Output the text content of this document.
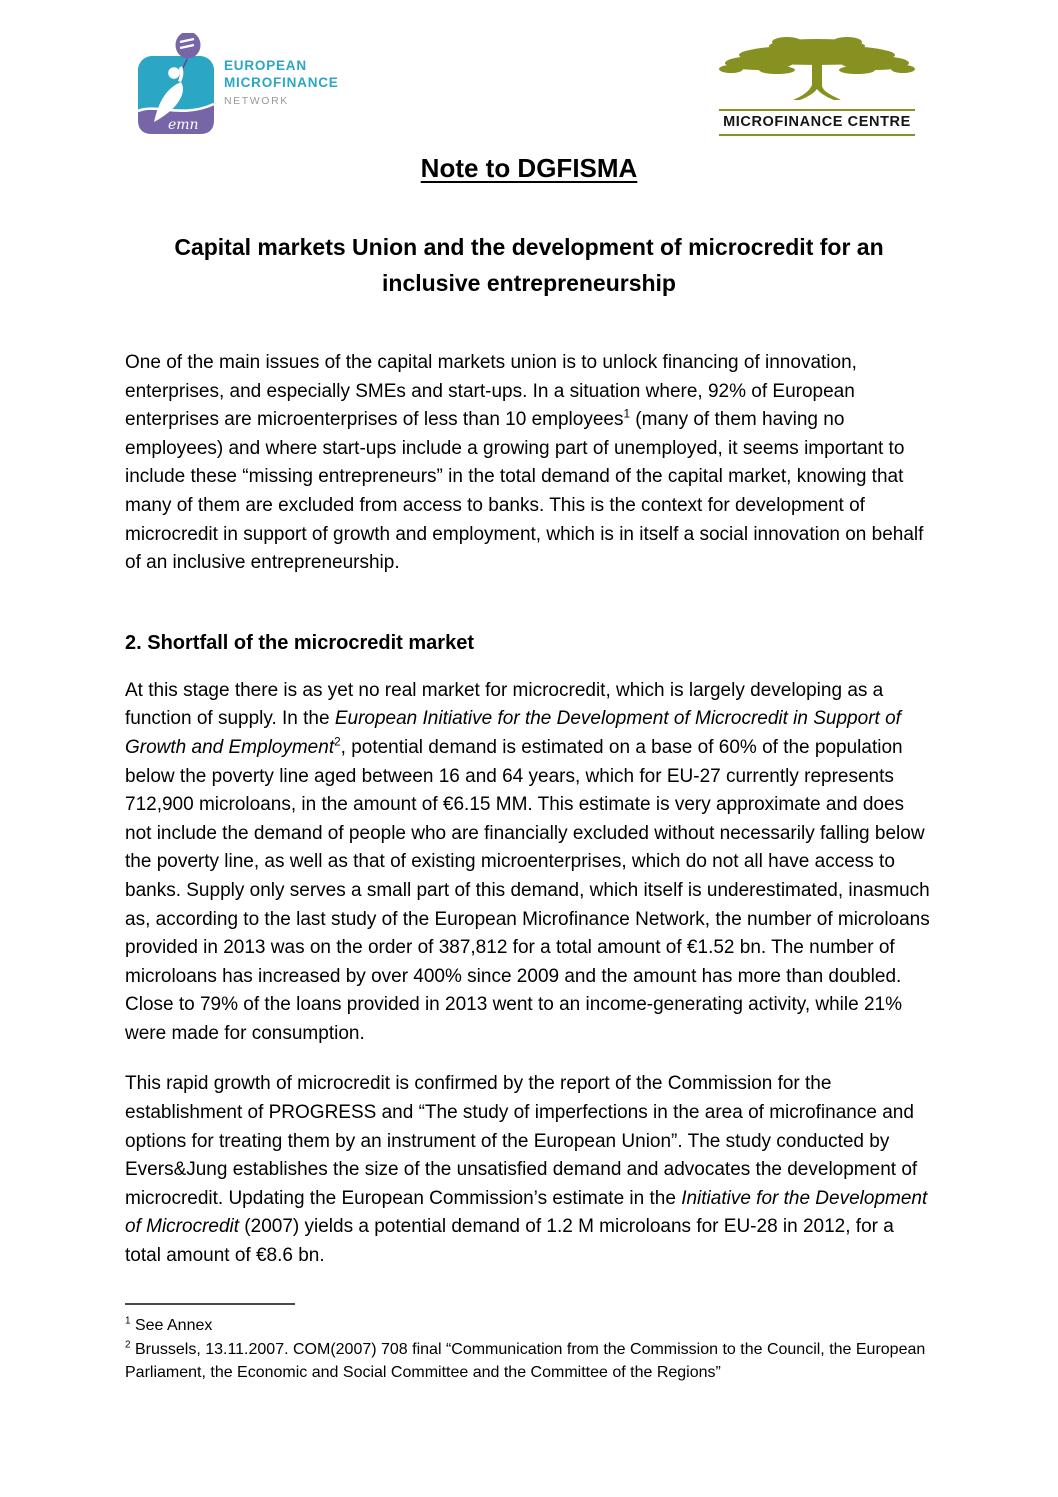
emn
EUROPEAN
MICROFINANCE
NETWORK
MICROFINANCE CENTRE
Note to DGFISMA
Capital markets Union and the development of microcredit for an inclusive entrepreneurship

One of the main issues of the capital markets union is to unlock financing of innovation, enterprises, and especially SMEs and start-ups. In a situation where, 92% of European enterprises are microenterprises of less than 10 employees$^1$ (many of them having no employees) and where start-ups include a growing part of unemployed, it seems important to include these “missing entrepreneurs” in the total demand of the capital market, knowing that many of them are excluded from access to banks. This is the context for development of microcredit in support of growth and employment, which is in itself a social innovation on behalf of an inclusive entrepreneurship.

2. Shortfall of the microcredit market

At this stage there is as yet no real market for microcredit, which is largely developing as a function of supply. In the European Initiative for the Development of Microcredit in Support of Growth and Employment$^2$, potential demand is estimated on a base of 60% of the population below the poverty line aged between 16 and 64 years, which for EU-27 currently represents 712,900 microloans, in the amount of €6.15 MM. This estimate is very approximate and does not include the demand of people who are financially excluded without necessarily falling below the poverty line, as well as that of existing microenterprises, which do not all have access to banks. Supply only serves a small part of this demand, which itself is underestimated, inasmuch as, according to the last study of the European Microfinance Network, the number of microloans provided in 2013 was on the order of 387,812 for a total amount of €1.52 bn. The number of microloans has increased by over 400% since 2009 and the amount has more than doubled. Close to 79% of the loans provided in 2013 went to an income-generating activity, while 21% were made for consumption.

This rapid growth of microcredit is confirmed by the report of the Commission for the establishment of PROGRESS and “The study of imperfections in the area of microfinance and options for treating them by an instrument of the European Union”. The study conducted by Evers&Jung establishes the size of the unsatisfied demand and advocates the development of microcredit. Updating the European Commission’s estimate in the Initiative for the Development of Microcredit (2007) yields a potential demand of 1.2 M microloans for EU-28 in 2012, for a total amount of €8.6 bn.

$^1$ See Annex

$^2$ Brussels, 13.11.2007. COM(2007) 708 final “Communication from the Commission to the Council, the European Parliament, the Economic and Social Committee and the Committee of the Regions”
